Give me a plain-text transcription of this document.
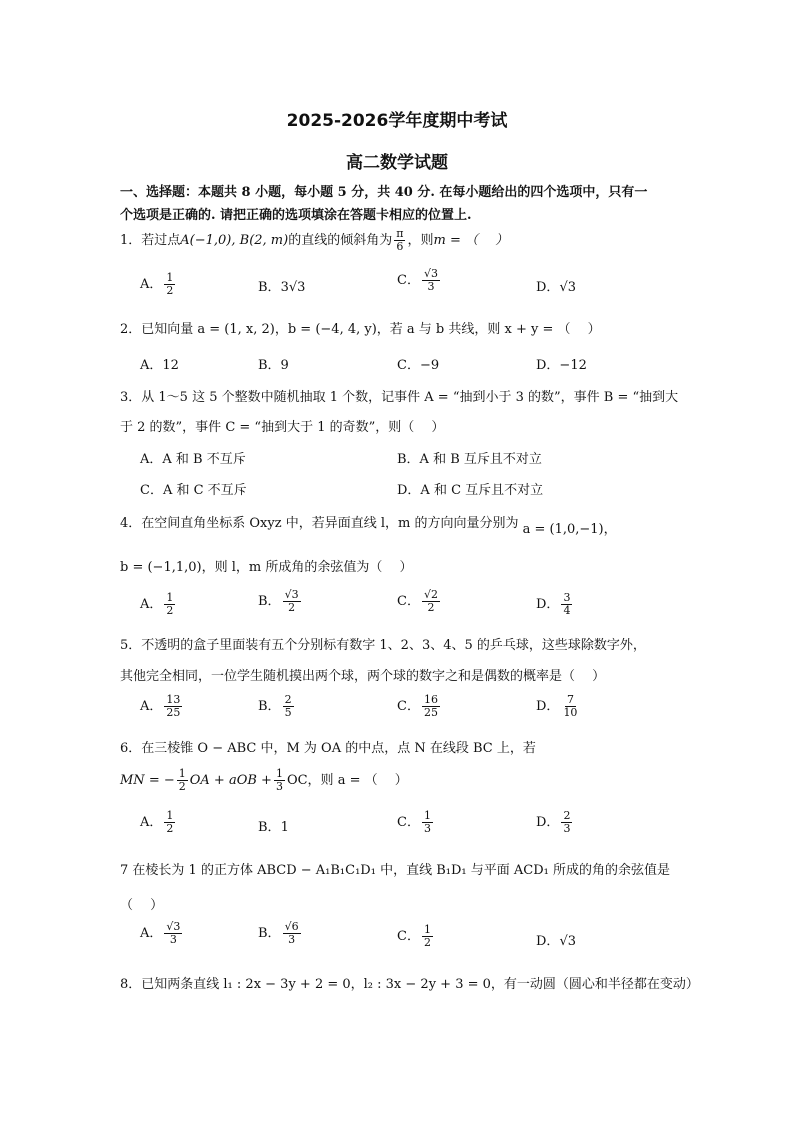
2025-2026学年度期中考试
高二数学试题
一、选择题：本题共 8 小题，每小题 5 分，共 40 分. 在每小题给出的四个选项中，只有一
个选项是正确的. 请把正确的选项填涂在答题卡相应的位置上.
1．若过点A(−1,0), B(2, m)的直线的倾斜角为 $\frac{\pi}{6}$ ，则m = （　 ）
A． $\frac{1}{2}$	B．3√3	C． $\frac{√3}{3}$	D．√3
2．已知向量 a = (1, x, 2)，b = (−4, 4, y)，若 a 与 b 共线，则 x + y = （　 ）
A．12	B．9	C．−9	D．−12
3．从 1～5 这 5 个整数中随机抽取 1 个数，记事件 A = “抽到小于 3 的数”，事件 B = “抽到大
于 2 的数”，事件 C = “抽到大于 1 的奇数”，则（　 ）
A．A 和 B 不互斥	B．A 和 B 互斥且不对立
C．A 和 C 不互斥	D．A 和 C 互斥且不对立
4．在空间直角坐标系 Oxyz 中，若异面直线 l，m 的方向向量分别为 a = (1,0,−1)，
b = (−1,1,0)，则 l，m 所成角的余弦值为（　 ）
A． $\frac{1}{2}$	B． $\frac{√3}{2}$	C． $\frac{√2}{2}$	D． $\frac{3}{4}$
5．不透明的盒子里面装有五个分别标有数字 1、2、3、4、5 的乒乓球，这些球除数字外，
其他完全相同，一位学生随机摸出两个球，两个球的数字之和是偶数的概率是（　 ）
A． $\frac{13}{25}$	B． $\frac{2}{5}$	C． $\frac{16}{25}$	D． $\frac{7}{10}$
6．在三棱锥 O − ABC 中，M 为 OA 的中点，点 N 在线段 BC 上，若
MN = − $\frac{1}{2}$ OA + aOB + $\frac{1}{3}$ OC，则 a = （　 ）
A． $\frac{1}{2}$	B．1	C． $\frac{1}{3}$	D． $\frac{2}{3}$
7 在棱长为 1 的正方体 ABCD − A₁B₁C₁D₁ 中，直线 B₁D₁ 与平面 ACD₁ 所成的角的余弦值是
（　 ）
A． $\frac{√3}{3}$	B． $\frac{√6}{3}$	C． $\frac{1}{2}$	D．√3
8．已知两条直线 l₁ : 2x − 3y + 2 = 0，l₂ : 3x − 2y + 3 = 0，有一动圆（圆心和半径都在变动）
